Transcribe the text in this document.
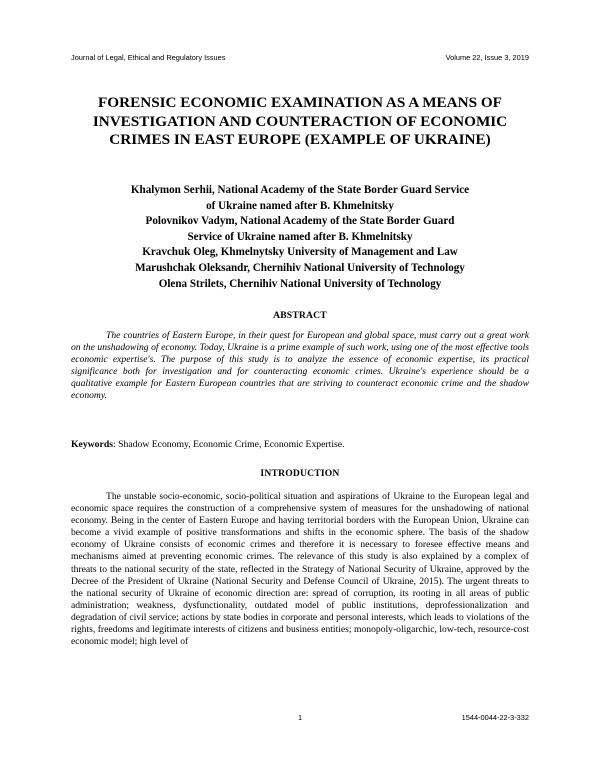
Journal of Legal, Ethical and Regulatory Issues	Volume 22, Issue 3, 2019
FORENSIC ECONOMIC EXAMINATION AS A MEANS OF INVESTIGATION AND COUNTERACTION OF ECONOMIC CRIMES IN EAST EUROPE (EXAMPLE OF UKRAINE)
Khalymon Serhii, National Academy of the State Border Guard Service
of Ukraine named after B. Khmelnitsky
Polovnikov Vadym, National Academy of the State Border Guard
Service of Ukraine named after B. Khmelnitsky
Kravchuk Oleg, Khmelnytsky University of Management and Law
Marushchak Oleksandr, Chernihiv National University of Technology
Olena Strilets, Chernihiv National University of Technology
ABSTRACT

The countries of Eastern Europe, in their quest for European and global space, must carry out a great work on the unshadowing of economy. Today, Ukraine is a prime example of such work, using one of the most effective tools economic expertise's. The purpose of this study is to analyze the essence of economic expertise, its practical significance both for investigation and for counteracting economic crimes. Ukraine's experience should be a qualitative example for Eastern European countries that are striving to counteract economic crime and the shadow economy.

Keywords: Shadow Economy, Economic Crime, Economic Expertise.

INTRODUCTION

The unstable socio-economic, socio-political situation and aspirations of Ukraine to the European legal and economic space requires the construction of a comprehensive system of measures for the unshadowing of national economy. Being in the center of Eastern Europe and having territorial borders with the European Union, Ukraine can become a vivid example of positive transformations and shifts in the economic sphere. The basis of the shadow economy of Ukraine consists of economic crimes and therefore it is necessary to foresee effective means and mechanisms aimed at preventing economic crimes. The relevance of this study is also explained by a complex of threats to the national security of the state, reflected in the Strategy of National Security of Ukraine, approved by the Decree of the President of Ukraine (National Security and Defense Council of Ukraine, 2015). The urgent threats to the national security of Ukraine of economic direction are: spread of corruption, its rooting in all areas of public administration; weakness, dysfunctionality, outdated model of public institutions, deprofessionalization and degradation of civil service; actions by state bodies in corporate and personal interests, which leads to violations of the rights, freedoms and legitimate interests of citizens and business entities; monopoly-oligarchic, low-tech, resource-cost economic model; high level of

1	1544-0044-22-3-332
